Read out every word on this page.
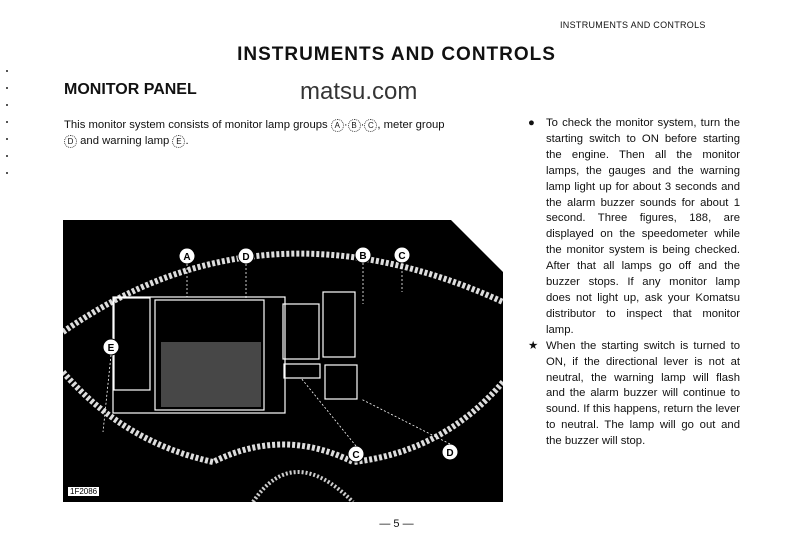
INSTRUMENTS AND CONTROLS
INSTRUMENTS AND CONTROLS
MONITOR PANEL
This monitor system consists of monitor lamp groups A · B · C , meter group
D and warning lamp E .
● To check the monitor system, turn the starting switch to ON before starting the engine. Then all the monitor lamps, the gauges and the warning lamp light up for about 3 seconds and the alarm buzzer sounds for about 1 second. Three figures, 188, are displayed on the speedometer while the monitor system is being checked. After that all lamps go off and the buzzer stops. If any monitor lamp does not light up, ask your Komatsu distributor to inspect that monitor lamp.
★ When the starting switch is turned to ON, if the directional lever is not at neutral, the warning lamp will flash and the alarm buzzer will continue to sound. If this happens, return the lever to neutral. The lamp will go out and the buzzer will stop.
A	D	B	C
E
C	D
1F2086
matsu.com
— 5 —
